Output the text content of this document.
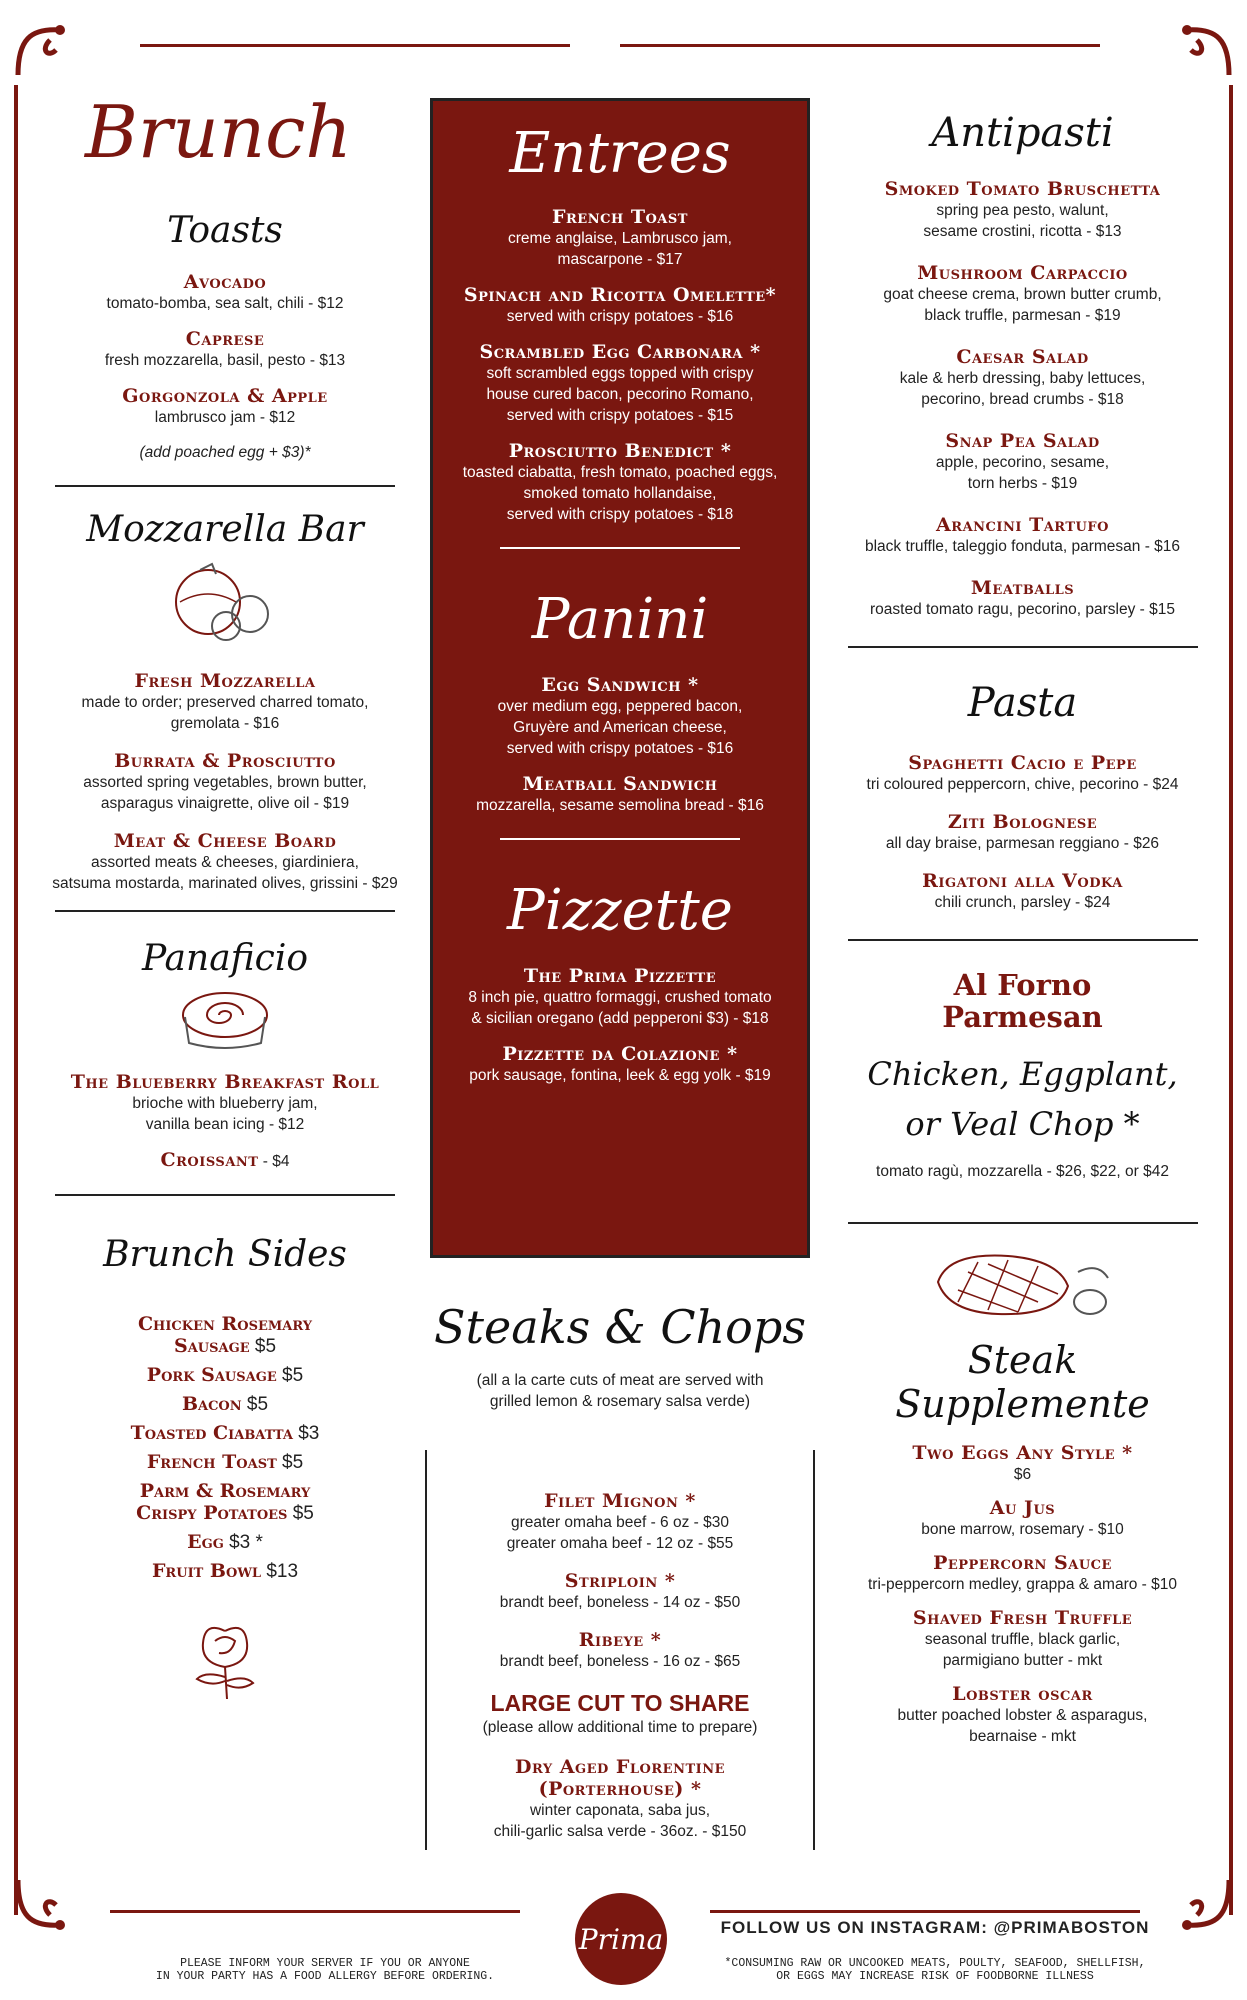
Brunch
Toasts
Avocado
tomato-bomba, sea salt, chili - $12
Caprese
fresh mozzarella, basil, pesto - $13
Gorgonzola & Apple
lambrusco jam - $12
(add poached egg + $3)*
Mozzarella Bar
Fresh Mozzarella
made to order; preserved charred tomato,
gremolata - $16
Burrata & Prosciutto
assorted spring vegetables, brown butter,
asparagus vinaigrette, olive oil - $19
Meat & Cheese Board
assorted meats & cheeses, giardiniera,
satsuma mostarda, marinated olives, grissini - $29
Panaficio
The Blueberry Breakfast Roll
brioche with blueberry jam,
vanilla bean icing - $12
Croissant - $4
Brunch Sides
Chicken Rosemary
Sausage $5
Pork Sausage $5
Bacon $5
Toasted Ciabatta $3
French Toast $5
Parm & Rosemary
Crispy Potatoes $5
Egg $3 *
Fruit Bowl $13
Entrees
French Toast
creme anglaise, Lambrusco jam,
mascarpone - $17
Spinach and Ricotta Omelette*
served with crispy potatoes - $16
Scrambled Egg Carbonara *
soft scrambled eggs topped with crispy
house cured bacon, pecorino Romano,
served with crispy potatoes - $15
Prosciutto Benedict *
toasted ciabatta, fresh tomato, poached eggs,
smoked tomato hollandaise,
served with crispy potatoes - $18
Panini
Egg Sandwich *
over medium egg, peppered bacon,
Gruyère and American cheese,
served with crispy potatoes - $16
Meatball Sandwich
mozzarella, sesame semolina bread - $16
Pizzette
The Prima Pizzette
8 inch pie, quattro formaggi, crushed tomato
& sicilian oregano (add pepperoni $3) - $18
Pizzette da Colazione *
pork sausage, fontina, leek & egg yolk - $19
Steaks & Chops
(all a la carte cuts of meat are served with
grilled lemon & rosemary salsa verde)
Filet Mignon *
greater omaha beef - 6 oz - $30
greater omaha beef - 12 oz - $55
Striploin *
brandt beef, boneless - 14 oz - $50
Ribeye *
brandt beef, boneless - 16 oz - $65
LARGE CUT TO SHARE
(please allow additional time to prepare)
Dry Aged Florentine
(Porterhouse) *
winter caponata, saba jus,
chili-garlic salsa verde - 36oz. - $150
Antipasti
Smoked Tomato Bruschetta
spring pea pesto, walunt,
sesame crostini, ricotta - $13
Mushroom Carpaccio
goat cheese crema, brown butter crumb,
black truffle, parmesan - $19
Caesar Salad
kale & herb dressing, baby lettuces,
pecorino, bread crumbs - $18
Snap Pea Salad
apple, pecorino, sesame,
torn herbs - $19
Arancini Tartufo
black truffle, taleggio fonduta, parmesan - $16
Meatballs
roasted tomato ragu, pecorino, parsley - $15
Pasta
Spaghetti Cacio e Pepe
tri coloured peppercorn, chive, pecorino - $24
Ziti Bolognese
all day braise, parmesan reggiano - $26
Rigatoni alla Vodka
chili crunch, parsley - $24
Al Forno
Parmesan
Chicken, Eggplant,
or Veal Chop *
tomato ragù, mozzarella - $26, $22, or $42
Steak Supplemente
Two Eggs Any Style *
$6
Au Jus
bone marrow, rosemary - $10
Peppercorn Sauce
tri-peppercorn medley, grappa & amaro - $10
Shaved Fresh Truffle
seasonal truffle, black garlic,
parmigiano butter - mkt
Lobster oscar
butter poached lobster & asparagus,
bearnaise - mkt
PLEASE INFORM YOUR SERVER IF YOU OR ANYONE
IN YOUR PARTY HAS A FOOD ALLERGY BEFORE ORDERING.
Prima	FOLLOW US ON INSTAGRAM: @PRIMABOSTON
*CONSUMING RAW OR UNCOOKED MEATS, POULTY, SEAFOOD, SHELLFISH,
OR EGGS MAY INCREASE RISK OF FOODBORNE ILLNESS
